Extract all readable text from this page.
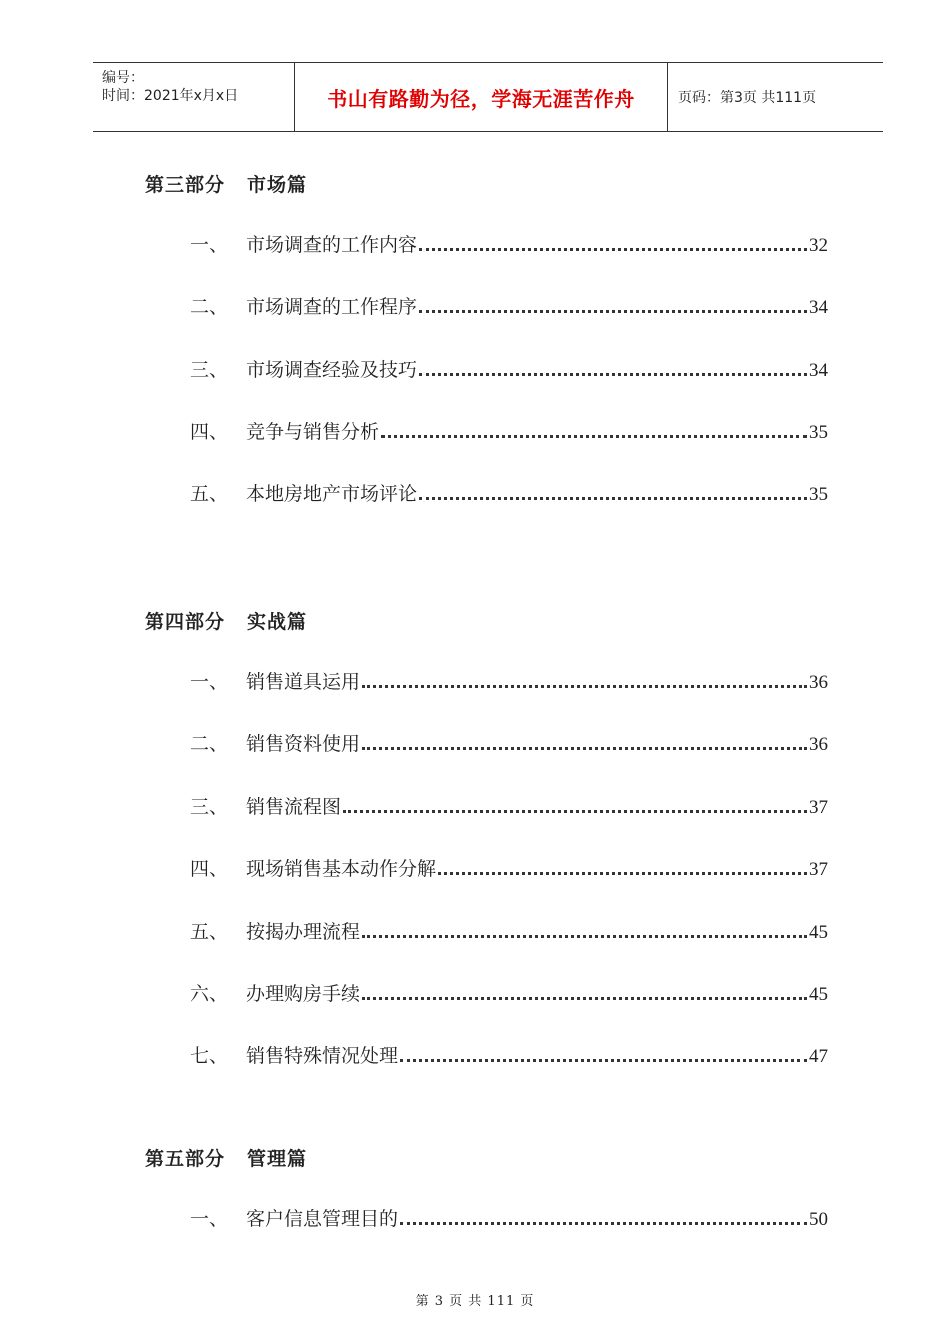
编号：
时间：2021年x月x日	书山有路勤为径，学海无涯苦作舟	页码：第3页 共111页
第三部分 市场篇
一、 市场调查的工作内容	32
二、 市场调查的工作程序	34
三、 市场调查经验及技巧	34
四、 竞争与销售分析	35
五、 本地房地产市场评论	35
第四部分 实战篇
一、 销售道具运用	36
二、 销售资料使用	36
三、 销售流程图	37
四、 现场销售基本动作分解	37
五、 按揭办理流程	45
六、 办理购房手续	45
七、 销售特殊情况处理	47
第五部分 管理篇
一、 客户信息管理目的	50
第 3 页 共 111 页
